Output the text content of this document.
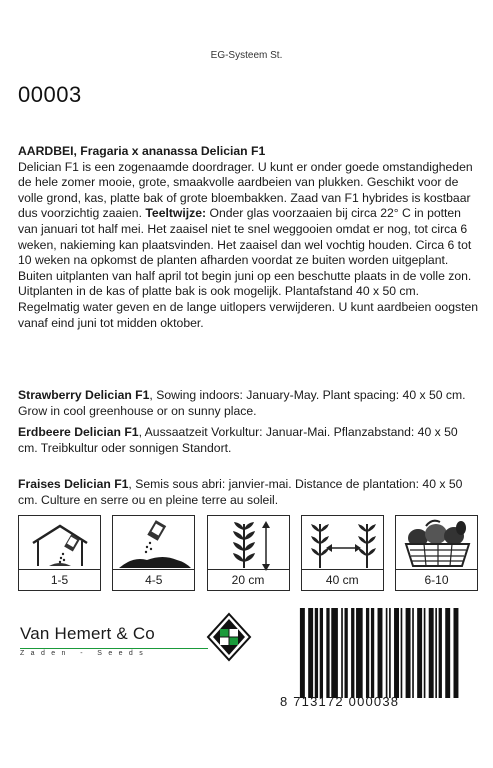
EG-Systeem St.
00003

AARDBEI, Fragaria x ananassa Delician F1

Delician F1 is een zogenaamde doordrager. U kunt er onder goede omstandigheden de hele zomer mooie, grote, smaakvolle aardbeien van plukken. Geschikt voor de volle grond, kas, platte bak of grote bloembakken. Zaad van F1 hybrides is kostbaar dus voorzichtig zaaien. Teeltwijze: Onder glas voorzaaien bij circa 22° C in potten van januari tot half mei. Het zaaisel niet te snel weggooien omdat er nog, tot circa 6 weken, nakieming kan plaatsvinden. Het zaaisel dan wel vochtig houden. Circa 6 tot 10 weken na opkomst de planten afharden voordat ze buiten worden uitgeplant. Buiten uitplanten van half april tot begin juni op een beschutte plaats in de volle zon. Uitplanten in de kas of platte bak is ook mogelijk. Plantafstand 40 x 50 cm. Regelmatig water geven en de lange uitlopers verwijderen. U kunt aardbeien oogsten vanaf eind juni tot midden oktober.

Strawberry Delician F1, Sowing indoors: January-May. Plant spacing: 40 x 50 cm. Grow in cool greenhouse or on sunny place.

Erdbeere Delician F1, Aussaatzeit Vorkultur: Januar-Mai. Pflanzabstand: 40 x 50 cm. Treibkultur oder sonnigen Standort.

Fraises Delician F1, Semis sous abri: janvier-mai. Distance de plantation: 40 x 50 cm. Culture en serre ou en pleine terre au soleil.

1-5	4-5	20 cm	40 cm	6-10
Van Hemert & Co
Zaden - Seeds
8 713172 000038
